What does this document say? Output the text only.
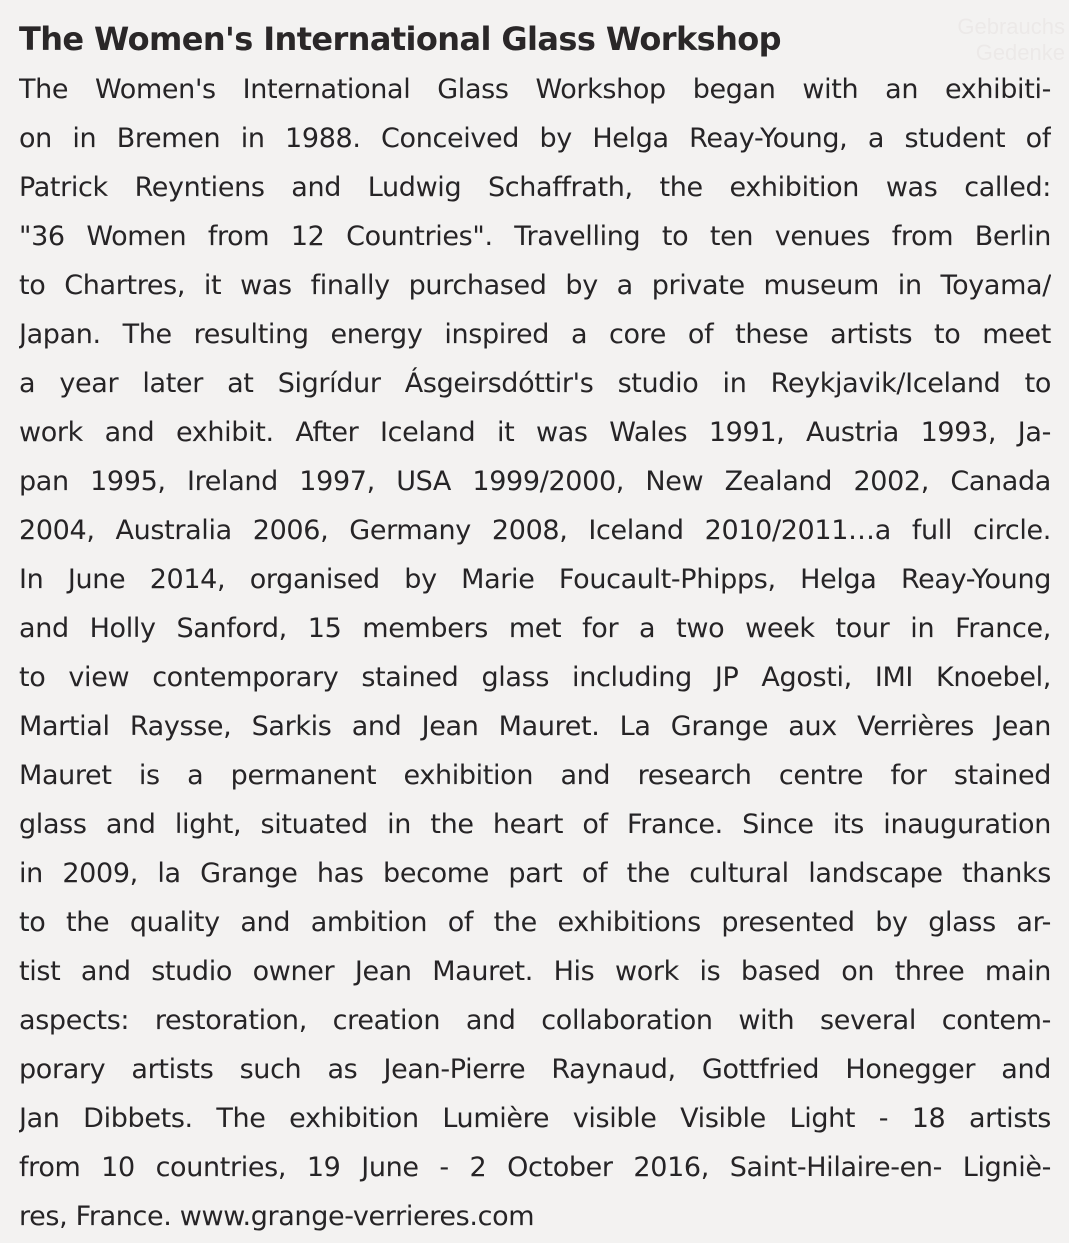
Gebrauchs
Gedenke
The Women's International Glass Workshop
The Women's International Glass Workshop began with an exhibiti-
on in Bremen in 1988. Conceived by Helga Reay-Young, a student of
Patrick Reyntiens and Ludwig Schaffrath, the exhibition was called:
"36 Women from 12 Countries". Travelling to ten venues from Berlin
to Chartres, it was finally purchased by a private museum in Toyama/
Japan. The resulting energy inspired a core of these artists to meet
a year later at Sigrídur Ásgeirsdóttir's studio in Reykjavik/Iceland to
work and exhibit. After Iceland it was Wales 1991, Austria 1993, Ja-
pan 1995, Ireland 1997, USA 1999/2000, New Zealand 2002, Canada
2004, Australia 2006, Germany 2008, Iceland 2010/2011…a full circle.
In June 2014, organised by Marie Foucault-Phipps, Helga Reay-Young
and Holly Sanford, 15 members met for a two week tour in France,
to view contemporary stained glass including JP Agosti, IMI Knoebel,
Martial Raysse, Sarkis and Jean Mauret. La Grange aux Verrières Jean
Mauret is a permanent exhibition and research centre for stained
glass and light, situated in the heart of France. Since its inauguration
in 2009, la Grange has become part of the cultural landscape thanks
to the quality and ambition of the exhibitions presented by glass ar-
tist and studio owner Jean Mauret. His work is based on three main
aspects: restoration, creation and collaboration with several contem-
porary artists such as Jean-Pierre Raynaud, Gottfried Honegger and
Jan Dibbets. The exhibition Lumière visible Visible Light - 18 artists
from 10 countries, 19 June - 2 October 2016, Saint-Hilaire-en- Ligniè-
res, France. www.grange-verrieres.com
